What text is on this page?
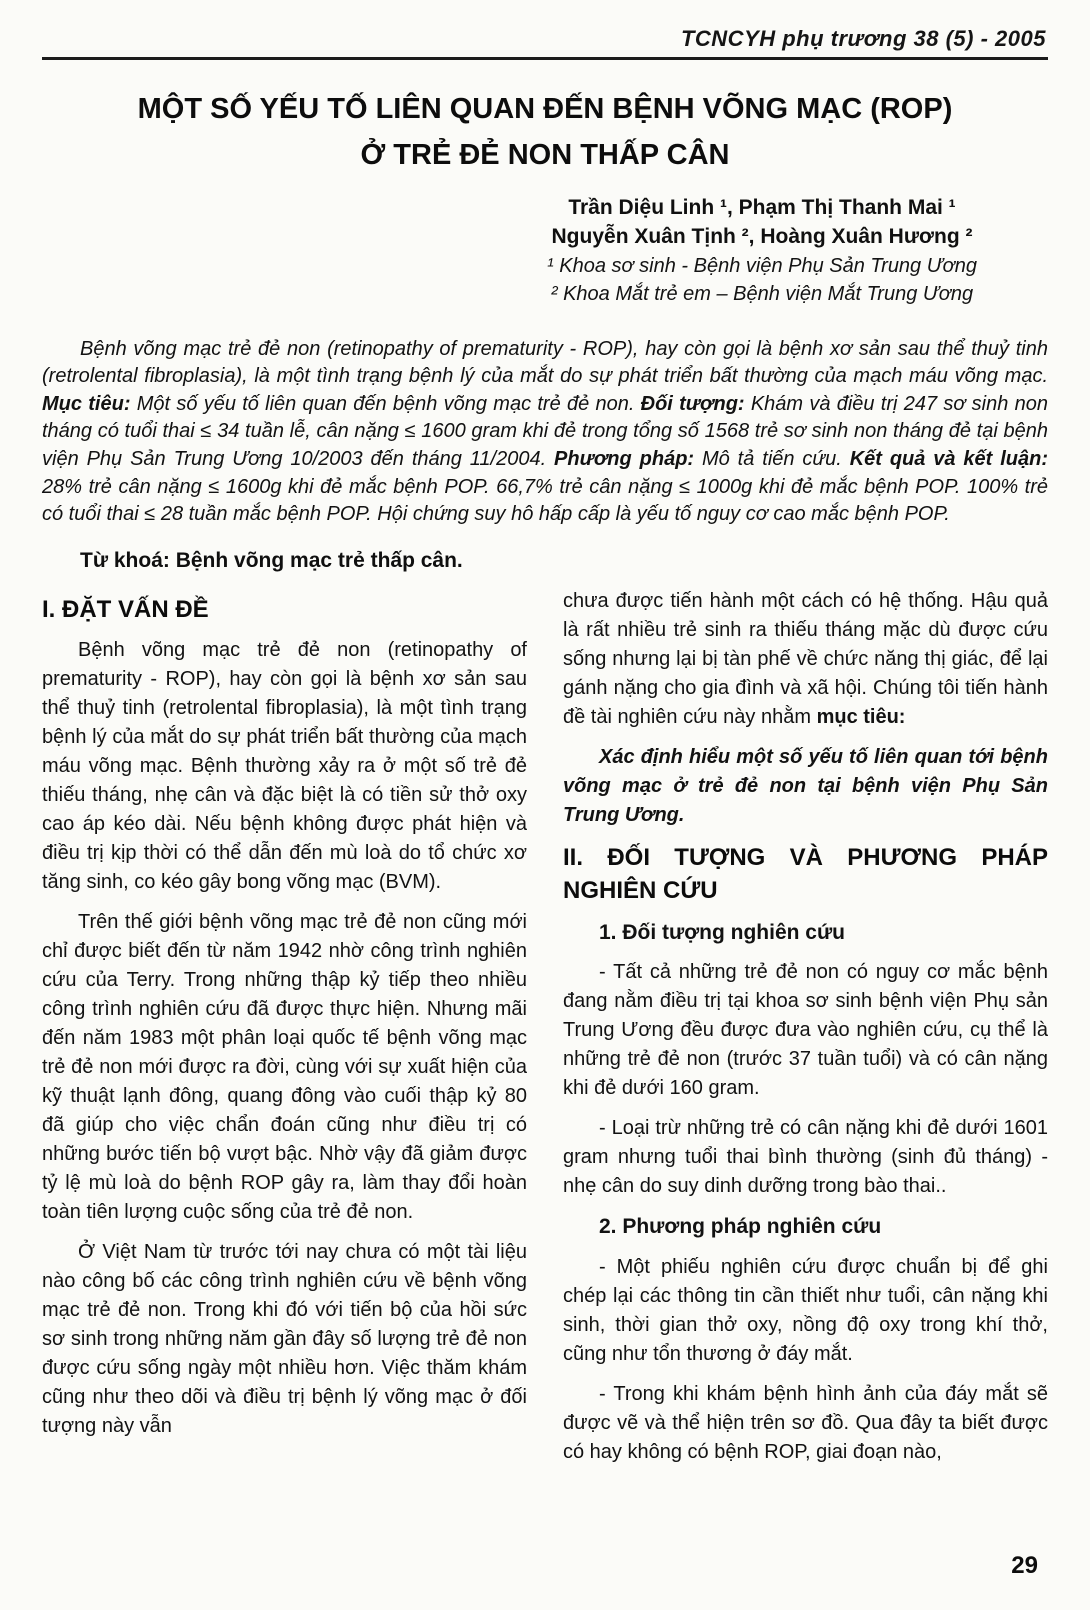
TCNCYH phụ trương 38 (5) - 2005
MỘT SỐ YẾU TỐ LIÊN QUAN ĐẾN BỆNH VÕNG MẠC (ROP)
Ở TRẺ ĐẺ NON THẤP CÂN
Trần Diệu Linh ¹, Phạm Thị Thanh Mai ¹
Nguyễn Xuân Tịnh ², Hoàng Xuân Hương ²
¹ Khoa sơ sinh - Bệnh viện Phụ Sản Trung Ương
² Khoa Mắt trẻ em – Bệnh viện Mắt Trung Ương

Bệnh võng mạc trẻ đẻ non (retinopathy of prematurity - ROP), hay còn gọi là bệnh xơ sản sau thể thuỷ tinh (retrolental fibroplasia), là một tình trạng bệnh lý của mắt do sự phát triển bất thường của mạch máu võng mạc. Mục tiêu: Một số yếu tố liên quan đến bệnh võng mạc trẻ đẻ non. Đối tượng: Khám và điều trị 247 sơ sinh non tháng có tuổi thai ≤ 34 tuần lễ, cân nặng ≤ 1600 gram khi đẻ trong tổng số 1568 trẻ sơ sinh non tháng đẻ tại bệnh viện Phụ Sản Trung Ương 10/2003 đến tháng 11/2004. Phương pháp: Mô tả tiến cứu. Kết quả và kết luận: 28% trẻ cân nặng ≤ 1600g khi đẻ mắc bệnh POP. 66,7% trẻ cân nặng ≤ 1000g khi đẻ mắc bệnh POP. 100% trẻ có tuổi thai ≤ 28 tuần mắc bệnh POP. Hội chứng suy hô hấp cấp là yếu tố nguy cơ cao mắc bệnh POP.

Từ khoá: Bệnh võng mạc trẻ thấp cân.
I. ĐẶT VẤN ĐỀ

Bệnh võng mạc trẻ đẻ non (retinopathy of prematurity - ROP), hay còn gọi là bệnh xơ sản sau thể thuỷ tinh (retrolental fibroplasia), là một tình trạng bệnh lý của mắt do sự phát triển bất thường của mạch máu võng mạc. Bệnh thường xảy ra ở một số trẻ đẻ thiếu tháng, nhẹ cân và đặc biệt là có tiền sử thở oxy cao áp kéo dài. Nếu bệnh không được phát hiện và điều trị kịp thời có thể dẫn đến mù loà do tổ chức xơ tăng sinh, co kéo gây bong võng mạc (BVM).

Trên thế giới bệnh võng mạc trẻ đẻ non cũng mới chỉ được biết đến từ năm 1942 nhờ công trình nghiên cứu của Terry. Trong những thập kỷ tiếp theo nhiều công trình nghiên cứu đã được thực hiện. Nhưng mãi đến năm 1983 một phân loại quốc tế bệnh võng mạc trẻ đẻ non mới được ra đời, cùng với sự xuất hiện của kỹ thuật lạnh đông, quang đông vào cuối thập kỷ 80 đã giúp cho việc chẩn đoán cũng như điều trị có những bước tiến bộ vượt bậc. Nhờ vậy đã giảm được tỷ lệ mù loà do bệnh ROP gây ra, làm thay đổi hoàn toàn tiên lượng cuộc sống của trẻ đẻ non.

Ở Việt Nam từ trước tới nay chưa có một tài liệu nào công bố các công trình nghiên cứu về bệnh võng mạc trẻ đẻ non. Trong khi đó với tiến bộ của hồi sức sơ sinh trong những năm gần đây số lượng trẻ đẻ non được cứu sống ngày một nhiều hơn. Việc thăm khám cũng như theo dõi và điều trị bệnh lý võng mạc ở đối tượng này vẫn

chưa được tiến hành một cách có hệ thống. Hậu quả là rất nhiều trẻ sinh ra thiếu tháng mặc dù được cứu sống nhưng lại bị tàn phế về chức năng thị giác, để lại gánh nặng cho gia đình và xã hội. Chúng tôi tiến hành đề tài nghiên cứu này nhằm mục tiêu:

Xác định hiểu một số yếu tố liên quan tới bệnh võng mạc ở trẻ đẻ non tại bệnh viện Phụ Sản Trung Ương.

II. ĐỐI TƯỢNG VÀ PHƯƠNG PHÁP NGHIÊN CỨU
1. Đối tượng nghiên cứu

- Tất cả những trẻ đẻ non có nguy cơ mắc bệnh đang nằm điều trị tại khoa sơ sinh bệnh viện Phụ sản Trung Ương đều được đưa vào nghiên cứu, cụ thể là những trẻ đẻ non (trước 37 tuần tuổi) và có cân nặng khi đẻ dưới 160 gram.

- Loại trừ những trẻ có cân nặng khi đẻ dưới 1601 gram nhưng tuổi thai bình thường (sinh đủ tháng) - nhẹ cân do suy dinh dưỡng trong bào thai..

2. Phương pháp nghiên cứu

- Một phiếu nghiên cứu được chuẩn bị để ghi chép lại các thông tin cần thiết như tuổi, cân nặng khi sinh, thời gian thở oxy, nồng độ oxy trong khí thở, cũng như tổn thương ở đáy mắt.

- Trong khi khám bệnh hình ảnh của đáy mắt sẽ được vẽ và thể hiện trên sơ đồ. Qua đây ta biết được có hay không có bệnh ROP, giai đoạn nào,

29
